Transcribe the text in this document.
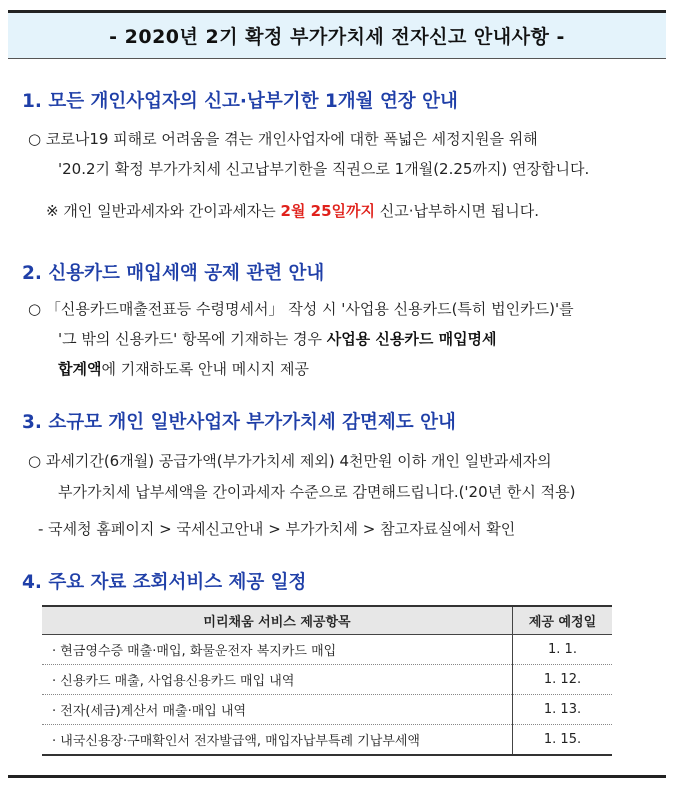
- 2020년 2기 확정 부가가치세 전자신고 안내사항 -
1. 모든 개인사업자의 신고·납부기한 1개월 연장 안내
○ 코로나19 피해로 어려움을 겪는 개인사업자에 대한 폭넓은 세정지원을 위해
'20.2기 확정 부가가치세 신고납부기한을 직권으로 1개월(2.25까지) 연장합니다.
※ 개인 일반과세자와 간이과세자는 2월 25일까지 신고·납부하시면 됩니다.
2. 신용카드 매입세액 공제 관련 안내
○ 「신용카드매출전표등 수령명세서」 작성 시 '사업용 신용카드(특히 법인카드)'를
'그 밖의 신용카드' 항목에 기재하는 경우 사업용 신용카드 매입명세
합계액에 기재하도록 안내 메시지 제공
3. 소규모 개인 일반사업자 부가가치세 감면제도 안내
○ 과세기간(6개월) 공급가액(부가가치세 제외) 4천만원 이하 개인 일반과세자의
부가가치세 납부세액을 간이과세자 수준으로 감면해드립니다.('20년 한시 적용)
- 국세청 홈페이지 > 국세신고안내 > 부가가치세 > 참고자료실에서 확인
4. 주요 자료 조회서비스 제공 일정
미리채움 서비스 제공항목	제공 예정일
· 현금영수증 매출·매입, 화물운전자 복지카드 매입	1. 1.
· 신용카드 매출, 사업용신용카드 매입 내역	1. 12.
· 전자(세금)계산서 매출·매입 내역	1. 13.
· 내국신용장·구매확인서 전자발급액, 매입자납부특례 기납부세액	1. 15.
